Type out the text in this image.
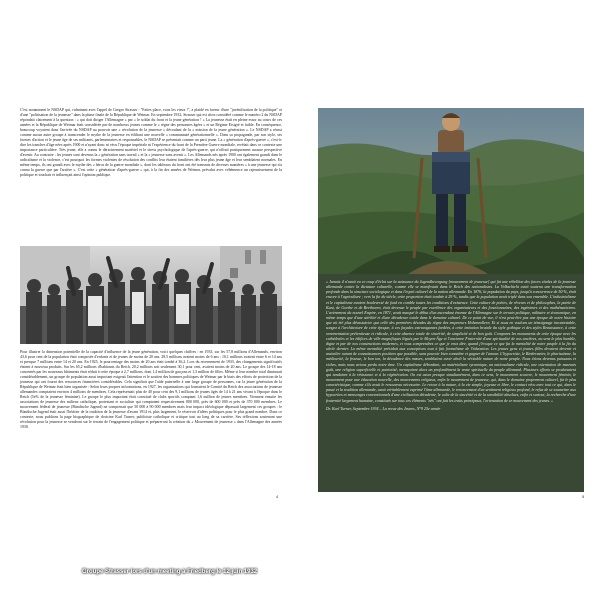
C'est notamment le NSDAP qui, culminant avec l'appel de Gregor Strasser : "Faites place, vous les vieux !", a plaidé en faveur d'une "juvénilisation de la politique" et d'une "politisation de la jeunesse" dans la phase finale de la République de Weimar. En septembre 1932, Strasser qui est alors considéré comme le numéro 2 du NSDAP répondait clairement à la question : « qui doit diriger l'Allemagne » par « le soldat du front et la jeune génération ! » La jeunesse était en pleine essor au cours de ces années et la République de Weimar était considérée par de nombreux jeunes comme le « règne des personnes âgées » et un Régime Eisigré et faible. En conséquence, beaucoup voyaient dans l'arrivée du NSDAP au pouvoir une « révolution de la jeunesse » découlant de la « mission de la jeune génération ». Le NSDAP a réussi comme aucun autre groupe à transcender le mythe de la jeunesse en édifiant une nouvelle « communauté générationnelle ». Dans sa propagande, par son style, ses formes d'action et le jeune âge de ses militants, parlementaires et responsables, le NSDAP se présentait comme un parti jeune. La « génération d'après-guerre », c'est-à-dire les tranches d'âge nées après 1900 et n'ayant donc ni vécu l'époque impériale ni l'expérience du front de la Première Guerre mondiale, revêtait dans ce contexte une importance particulière. Très jeune, elle a connu le déracinement matériel et le stress psychologique de l'après-guerre, qui n'offrait pratiquement aucune perspective d'avenir. Au contraire : les jeunes sont devenus la « génération sans travail » et la « jeunesse sans avenir ». Les Allemands nés après 1900 ont également grandi dans le radicalisme et la violence, c'est pourquoi les formes violentes de résolution des conflits leur étaient familières dès leur plus jeune âge et leur semblaient normales. En même temps, ils ont grandi avec le mythe des « héros de la guerre mondiale », dont les tableaux du front ont été transmis de diverses manières « à une jeunesse qui n'a connu la guerre que par l'arrière ». C'est cette « génération d'après-guerre » qui, à la fin des années de Weimar, prévalut avec véhémence un rajeunissement de la politique et touchait et influençait ainsi l'opinion publique.

Groupe Strasser lors d'un meeting à Friedberg le 12 juin 1932

Pour illustrer la dimension potentielle de la capacité d'influence de la jeune génération, voici quelques chiffres : en 1933, sur les 57,8 millions d'Allemands, environ 43,6 pour cent de la population était composée d'enfants et de jeunes de moins de 20 ans. 28,5 millions avaient moins de 6 ans ; 10,1 millions avaient entre 6 et 14 ans et presque 7 millions entre 14 et 20 ans. En 1925, le pourcentage des moins de 20 ans était tombé à 36,2. Lors du recensement de 1933, des changements significatifs étaient à nouveau produits. Sur les 65,2 millions d'habitants du Reich, 20,2 millions soit seulement 30,1 pour cent, avaient moins de 20 ans. Le groupe des 14-18 ans concernés par les nouveaux bâtiments était réduit à cette époque à 2,7 millions, dont 1,4 million de garçons et 1,3 million de filles. Même si leur nombre total diminuait considérablement, un groupe de population aussi important exigeait l'attention et le soutien des hommes politiques de Weimar par le biais des efforts de protection de la jeunesse qui ont fourni des ressources financières considérables. Cela signifiait que l'aide paternelle à une large groupe de personnes, car la jeune génération de la République de Weimar était bien organisée : Selon leurs propres informations, en 1927, les organisations qui formaient le Comité du Reich des associations de jeunesse allemandes comptaient environ 4 millions de membres. Cela représentait plus de 40 pour cent des 9,1 millions de jeunes âgés de 14 à 21 ans vivant à l'époque dans le Reich (5e% de la jeunesse féminine). Le groupe le plus important était constitué de clubs sportifs comptant 1,6 million de jeunes membres. Viennent ensuite les associations de jeunesse des milieux catholique, protestant et socialiste qui comptaient respectivement 800 000, près de 600 000 et près de 370 000 membres. Le mouvement fédéral de jeunesse (Bündische Jugend) ne comprenait que 50 000 à 90 000 membres mais leur impact idéologique dépassait largement ces groupes : le Bündische Jugend était aussi l'héritier de la tradition de la jeunesse d'avant 1914 et, plus largement, le réservoir d'idées politiques pour le plus grand nombre. Dans ce contexte, nous publions la page biographique de doctrine Karl Turner, publiciste catholique et critique tout au long de sa carrière. Ses réflexions soutenant une révolution pour la jeunesse se vendront sur le terrain de l'engagement politique et prépareront la création du « Mouvement de jeunesse » dans l'Allemagne des années 1930.

4

« Jamais il n'avait eu ce coup d'éclat sur la naissance du Jugendbewegung [mouvement de jeunesse] qui fut une rébellion des forces vitales de la jeunesse allemande contre la dictature culturelle, comme elle se manifestait dans le Reich des nationalistes. La Volkschicht avait soutenu une transformation profonde dans la structure sociologique et dans l'esprit culturel de la nation allemande. En 1876, la population du pays, jusqu'à concurrence de 50 %, était encore à l'agriculture ; vers la fin du siècle, cette proportion était tombée à 29 %, tandis que la population avait triplé dans son ensemble. L'industrialisme et le capitalisme avaient bouleversé de fond en comble toutes les conditions d'existence. Cette culture de poètes, de rêveurs et de philosophes, la patrie de Kant, de Goethe et de Beethoven, était devenue le peuple par excellence des organisateurs et des fonctionnaires, des ingénieurs et des mathématiciens. L'avènement du nouvel Empire, en 1871, avait marqué le début d'un ascendant énorme de l'Allemagne sur le terrain politique, militaire et économique, en même temps que d'une stérilité et d'une décadence totale dans le domaine culturel. De ce point de vue, il n'est peut-être pas une époque de notre histoire que ait été plus dévastatrice que celle des premières décades du règne des empereurs Hohenzollern. Et si nous en voulons un témoignage incontestable, songez à l'architecture de cette époque, à ces façades extravagantes fardées, à cette imitation brutale du style gothique et des styles Renaissance, à cette ornementation prétentieuse et ridicule, à cette absence totale de sincérité, de simplicité et de bon goût. Comparez les monuments de cette époque avec les cathédrales et les édifices de ville magnifiques légués par le Moyen-Âge et l'ancienne Fraternité d'une spiritualité de nos ancêtres, au sens le plus humble, digne et par de nos constructions modernes, et vous comprendrez ce que je veux dire, quand j'évoque ce que fut la mentalité de notre peuple à la fin du siècle dernier. La même mentalité présidait aux conceptions tout à fait formalisme de l'éducation. Les jeunes gens et jeunes filles devaient devenir et assimiler autant de connaissances positives que possible, sans pouvoir bien connaître et gagner de l'amour. L'hypocrisie, le Biedermeier, le pharisaïsme, la médiocrité, la frousse, le bon ton, la décadence des mœurs, semblaient avoir aboli la véritable nature de notre peuple. Nous étions devenus puissants et riches, mais nous avions perdu notre âme. Un capitalisme débordant, un matérialisme tyrannique, un nationalisme ridicule, une ostentation de mauvais goût, une religion superficielle et patriotisé, menaçaient alors un profondément la vente spirituelle du peuple allemand. Plusieurs efforts se produisaient qui tendaient à la résistance et à la régénération. On est assez presque simultanément, dans ce sens, le mouvement scouvre, le mouvement féminin, le mouvement pour une éducation nouvelle, des mouvements religieux, enfin le mouvement de jeunesse, qui, dans le domaine proprement culturel, fut le plus caractéristique, comme s'ils avait le renouveau nécessaire. Le retour à la nature, à la vie simple, joyeuse et libre, le contact vécu avec tout ce qui, dans le passé et la tradition allemande, avait véritablement exprimé l'âme allemande, le renoncement d'un sentiment religieux profond, le refus de se soumettre aux hypocrites et mensonges conventionnels d'une civilisation décadente, le culte de la sincérité et de la sensibilité absolues, enfin et surtout, la recherche d'une fraternité largement humaine, constitués sur tous ces éléments "nés" ont fait les traits principaux, l'orientation de ce mouvement des jeunes. »

Dr. Karl Turner, Septembre 1934 – La revue des Jeunes, N°9 25e année
5
